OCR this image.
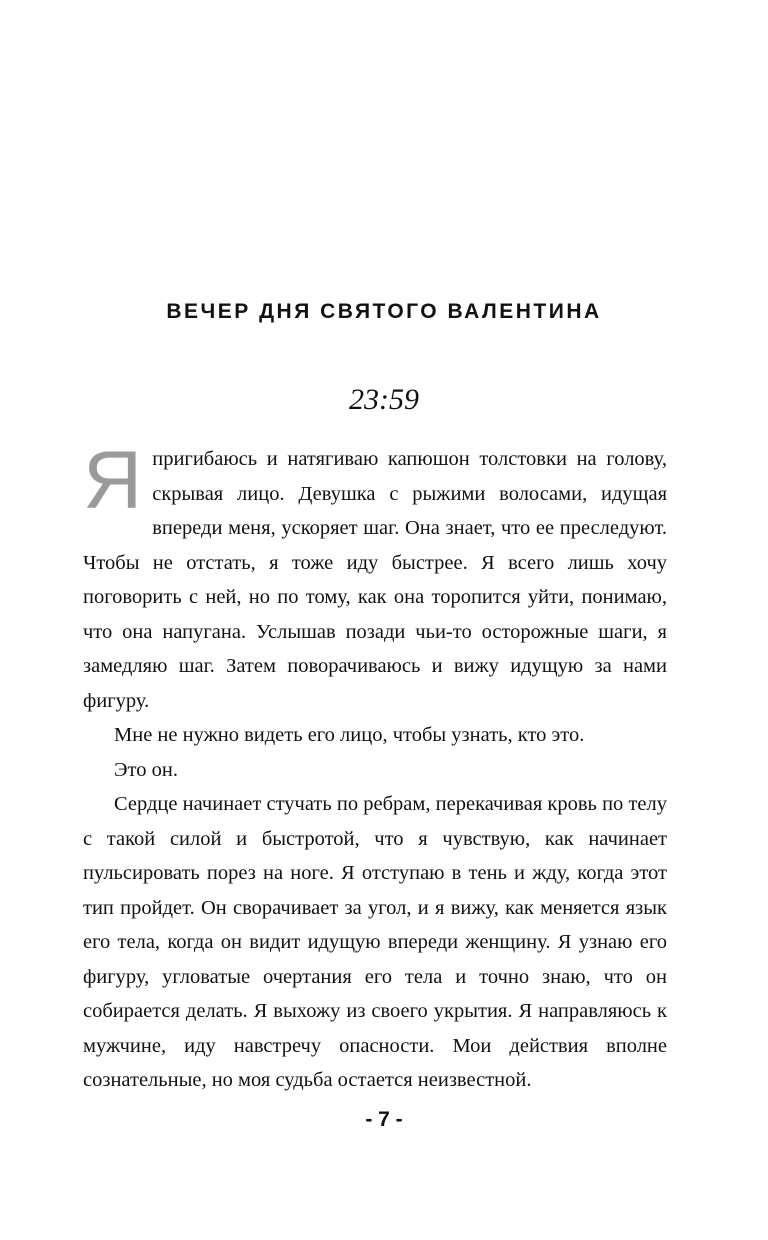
ВЕЧЕР ДНЯ СВЯТОГО ВАЛЕНТИНА
23:59

Я пригибаюсь и натягиваю капюшон толстовки на голову, скрывая лицо. Девушка с рыжими волосами, идущая впереди меня, ускоряет шаг. Она знает, что ее преследуют. Чтобы не отстать, я тоже иду быстрее. Я всего лишь хочу поговорить с ней, но по тому, как она торопится уйти, понимаю, что она напугана. Услышав позади чьи-то осторожные шаги, я замедляю шаг. Затем поворачиваюсь и вижу идущую за нами фигуру.

Мне не нужно видеть его лицо, чтобы узнать, кто это.

Это он.

Сердце начинает стучать по ребрам, перекачивая кровь по телу с такой силой и быстротой, что я чувствую, как начинает пульсировать порез на ноге. Я отступаю в тень и жду, когда этот тип пройдет. Он сворачивает за угол, и я вижу, как меняется язык его тела, когда он видит идущую впереди женщину. Я узнаю его фигуру, угловатые очертания его тела и точно знаю, что он собирается делать. Я выхожу из своего укрытия. Я направляюсь к мужчине, иду навстречу опасности. Мои действия вполне сознательные, но моя судьба остается неизвестной.

- 7 -
